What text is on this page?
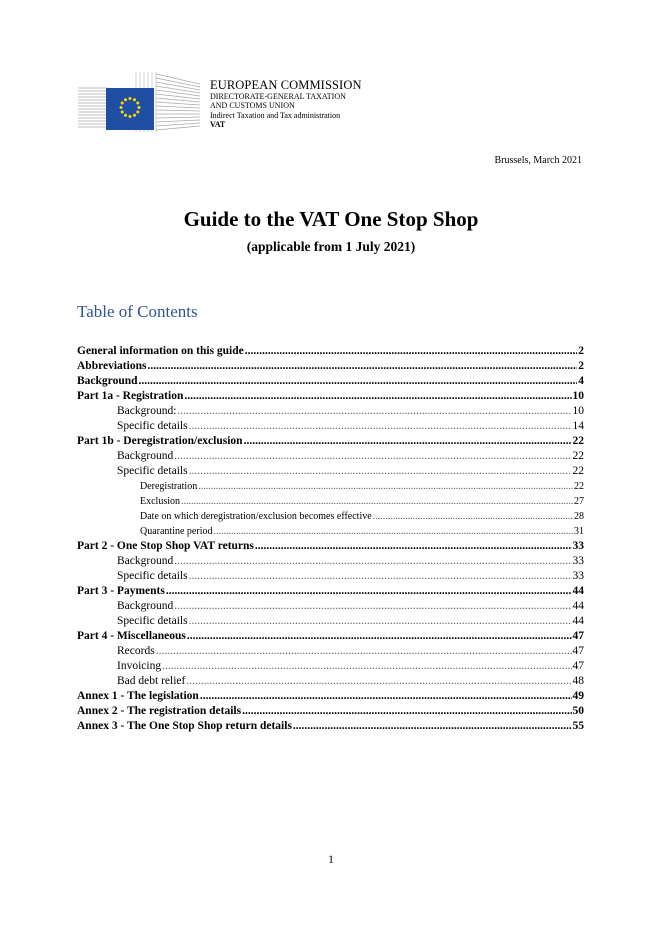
EUROPEAN COMMISSION
DIRECTORATE-GENERAL TAXATION
AND CUSTOMS UNION
Indirect Taxation and Tax administration
VAT
Brussels, March 2021
Guide to the VAT One Stop Shop
(applicable from 1 July 2021)
Table of Contents
General information on this guide .....	2
Abbreviations .....	2
Background .....	4
Part 1a - Registration .....	10
Background: .....	10
Specific details .....	14
Part 1b - Deregistration/exclusion .....	22
Background .....	22
Specific details .....	22
Deregistration .....	22
Exclusion .....	27
Date on which deregistration/exclusion becomes effective .....	28
Quarantine period .....	31
Part 2 - One Stop Shop VAT returns .....	33
Background .....	33
Specific details .....	33
Part 3 - Payments .....	44
Background .....	44
Specific details .....	44
Part 4 - Miscellaneous .....	47
Records .....	47
Invoicing .....	47
Bad debt relief .....	48
Annex 1 - The legislation .....	49
Annex 2 - The registration details .....	50
Annex 3 - The One Stop Shop return details .....	55
1
